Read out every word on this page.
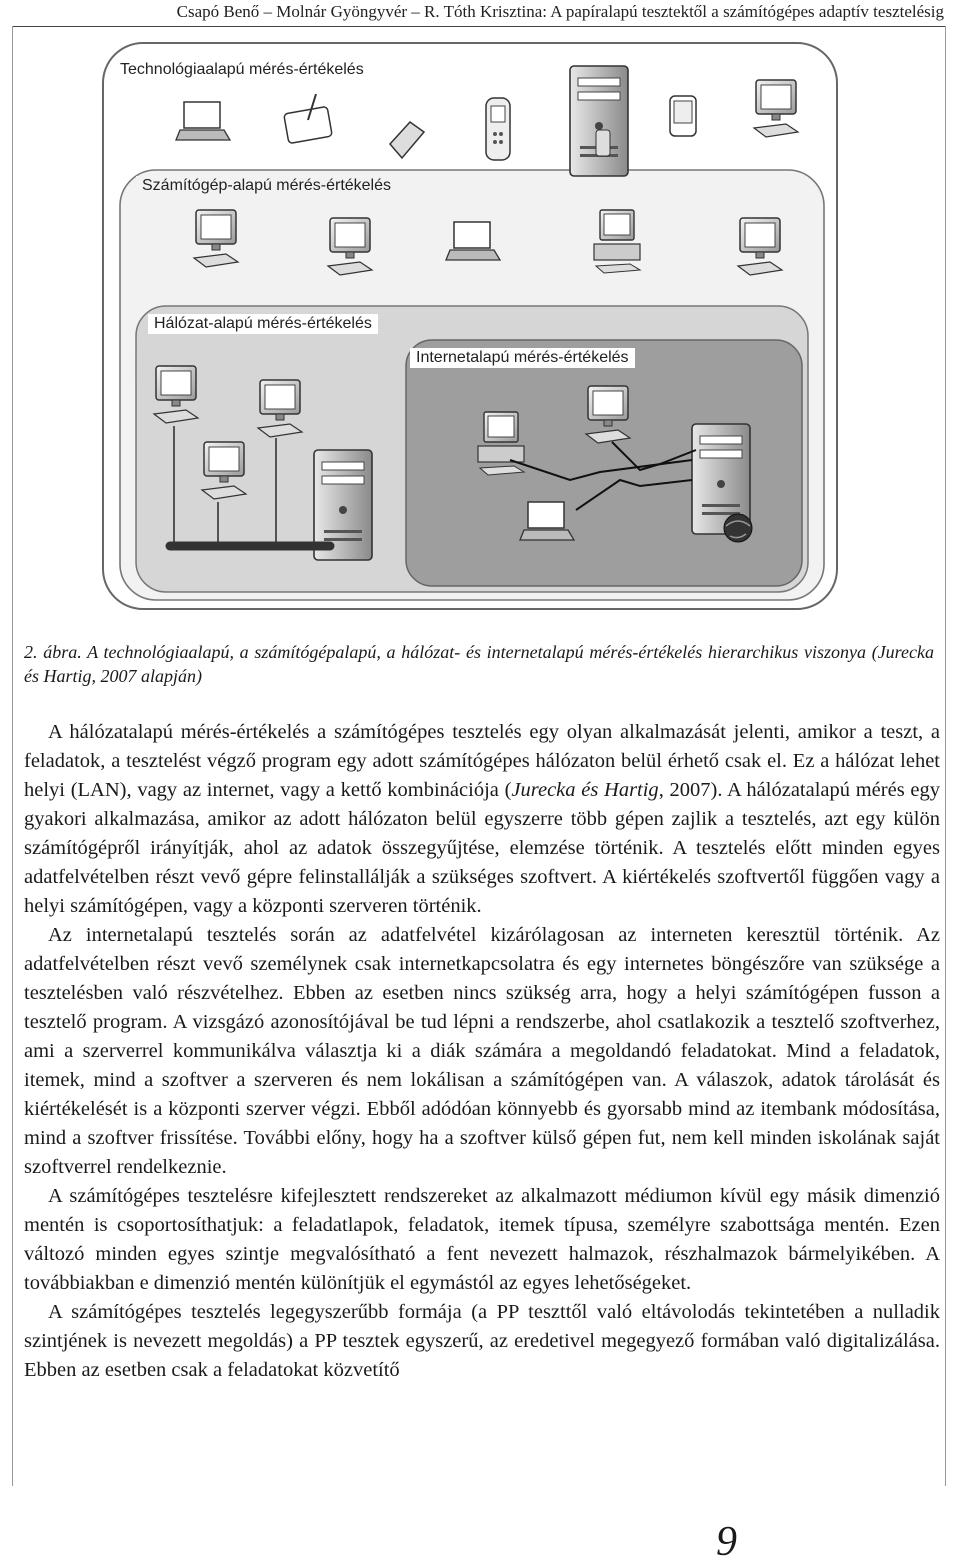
Csapó Benő – Molnár Gyöngyvér – R. Tóth Krisztina: A papíralapú tesztektől a számítógépes adaptív tesztelésig
Technológiaalapú mérés-értékelés
Számítógép-alapú mérés-értékelés
Hálózat-alapú mérés-értékelés
Internetalapú mérés-értékelés
2. ábra. A technológiaalapú, a számítógépalapú, a hálózat- és internetalapú mérés-értékelés hierarchikus viszonya (Jurecka és Hartig, 2007 alapján)

A hálózatalapú mérés-értékelés a számítógépes tesztelés egy olyan alkalmazását jelenti, amikor a teszt, a feladatok, a tesztelést végző program egy adott számítógépes hálózaton belül érhető csak el. Ez a hálózat lehet helyi (LAN), vagy az internet, vagy a kettő kombinációja (Jurecka és Hartig, 2007). A hálózatalapú mérés egy gyakori alkalmazása, amikor az adott hálózaton belül egyszerre több gépen zajlik a tesztelés, azt egy külön számítógépről irányítják, ahol az adatok összegyűjtése, elemzése történik. A tesztelés előtt minden egyes adatfelvételben részt vevő gépre felinstallálják a szükséges szoftvert. A kiértékelés szoftvertől függően vagy a helyi számítógépen, vagy a központi szerveren történik.

Az internetalapú tesztelés során az adatfelvétel kizárólagosan az interneten keresztül történik. Az adatfelvételben részt vevő személynek csak internetkapcsolatra és egy internetes böngészőre van szüksége a tesztelésben való részvételhez. Ebben az esetben nincs szükség arra, hogy a helyi számítógépen fusson a tesztelő program. A vizsgázó azonosítójával be tud lépni a rendszerbe, ahol csatlakozik a tesztelő szoftverhez, ami a szerverrel kommunikálva választja ki a diák számára a megoldandó feladatokat. Mind a feladatok, itemek, mind a szoftver a szerveren és nem lokálisan a számítógépen van. A válaszok, adatok tárolását és kiértékelését is a központi szerver végzi. Ebből adódóan könnyebb és gyorsabb mind az itembank módosítása, mind a szoftver frissítése. További előny, hogy ha a szoftver külső gépen fut, nem kell minden iskolának saját szoftverrel rendelkeznie.

A számítógépes tesztelésre kifejlesztett rendszereket az alkalmazott médiumon kívül egy másik dimenzió mentén is csoportosíthatjuk: a feladatlapok, feladatok, itemek típusa, személyre szabottsága mentén. Ezen változó minden egyes szintje megvalósítható a fent nevezett halmazok, részhalmazok bármelyikében. A továbbiakban e dimenzió mentén különítjük el egymástól az egyes lehetőségeket.

A számítógépes tesztelés legegyszerűbb formája (a PP teszttől való eltávolodás tekintetében a nulladik szintjének is nevezett megoldás) a PP tesztek egyszerű, az eredetivel megegyező formában való digitalizálása. Ebben az esetben csak a feladatokat közvetítő

9
